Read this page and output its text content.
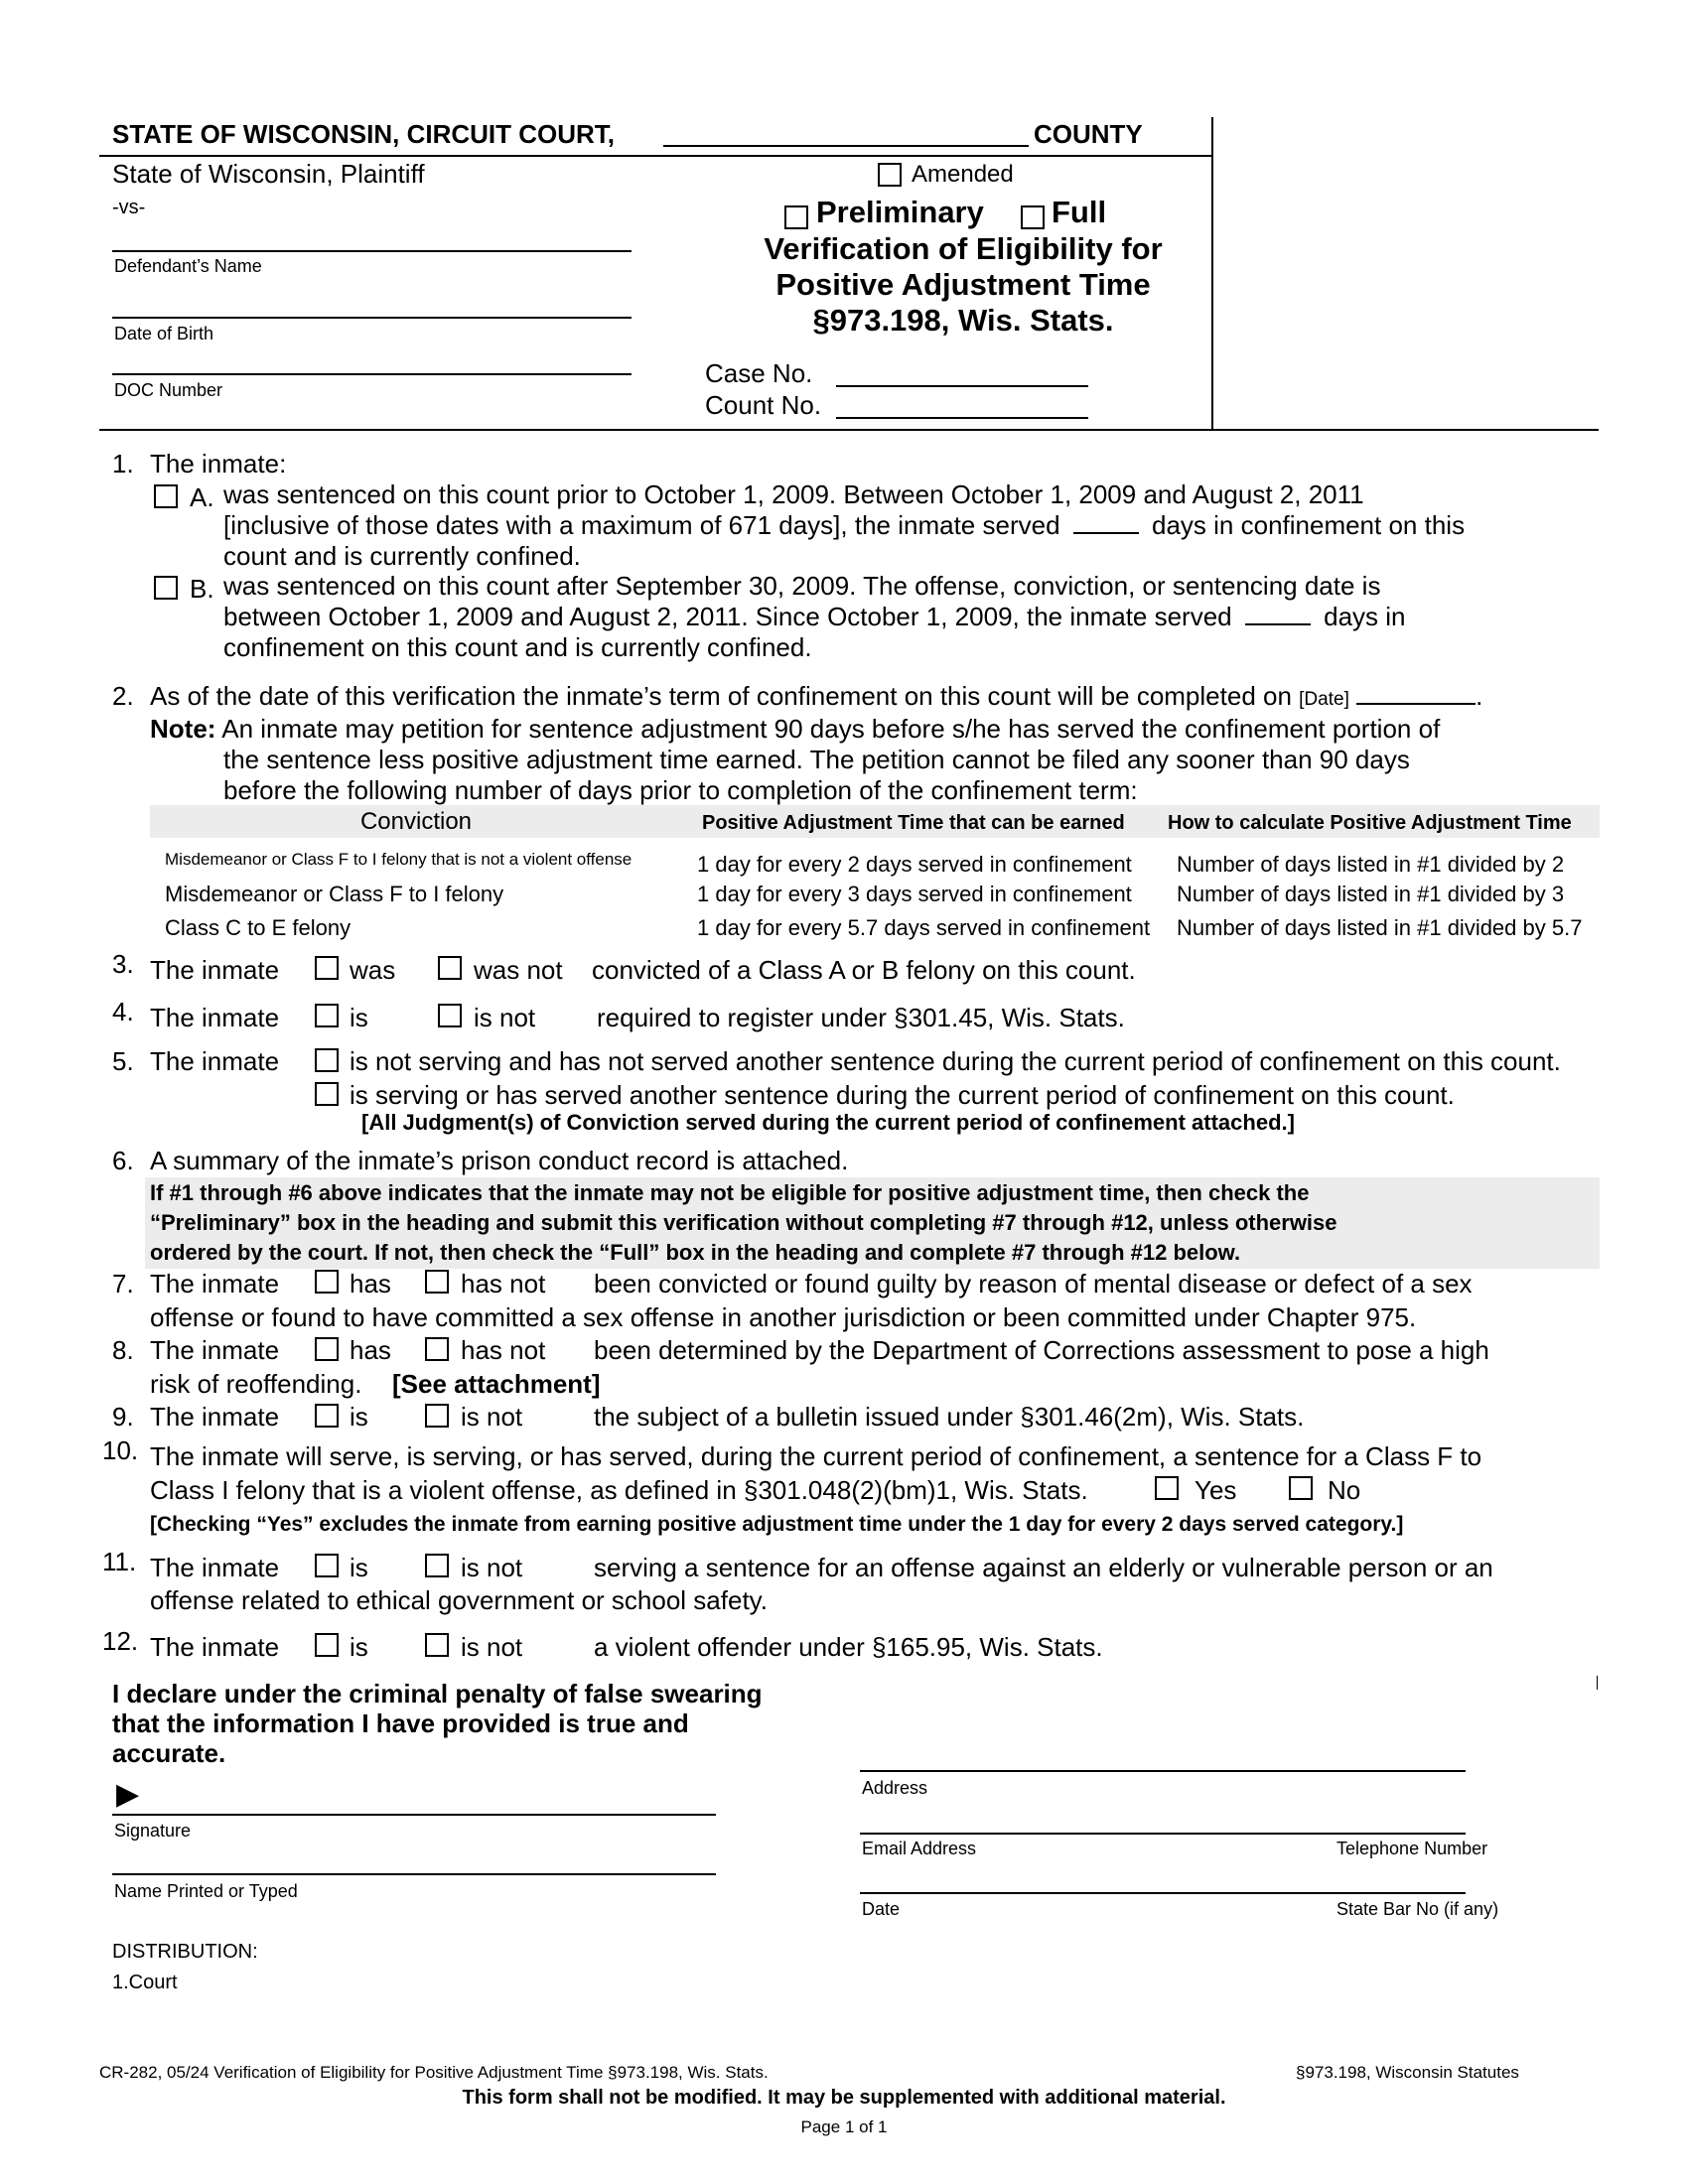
STATE OF WISCONSIN, CIRCUIT COURT,	COUNTY
State of Wisconsin, Plaintiff
-vs-
Defendant’s Name
Date of Birth
DOC Number
Amended
Preliminary Full
Verification of Eligibility for
Positive Adjustment Time
§973.198, Wis. Stats.
Case No.
Count No.
1. The inmate:
A. was sentenced on this count prior to October 1, 2009. Between October 1, 2009 and August 2, 2011
[inclusive of those dates with a maximum of 671 days], the inmate served	days in confinement on this
count and is currently confined.
B. was sentenced on this count after September 30, 2009. The offense, conviction, or sentencing date is
between October 1, 2009 and August 2, 2011. Since October 1, 2009, the inmate served	days in
confinement on this count and is currently confined.
2. As of the date of this verification the inmate’s term of confinement on this count will be completed on [Date]	.
Note: An inmate may petition for sentence adjustment 90 days before s/he has served the confinement portion of
the sentence less positive adjustment time earned. The petition cannot be filed any sooner than 90 days
before the following number of days prior to completion of the confinement term:
Conviction	Positive Adjustment Time that can be earned How to calculate Positive Adjustment Time
Misdemeanor or Class F to I felony that is not a violent offense	1 day for every 2 days served in confinement Number of days listed in #1 divided by 2
Misdemeanor or Class F to I felony	1 day for every 3 days served in confinement Number of days listed in #1 divided by 3
Class C to E felony	1 day for every 5.7 days served in confinement Number of days listed in #1 divided by 5.7
3. The inmate	was	was not convicted of a Class A or B felony on this count.
4. The inmate	is	is not required to register under §301.45, Wis. Stats.
5. The inmate	is not serving and has not served another sentence during the current period of confinement on this count.
is serving or has served another sentence during the current period of confinement on this count.
[All Judgment(s) of Conviction served during the current period of confinement attached.]
6. A summary of the inmate’s prison conduct record is attached.
If #1 through #6 above indicates that the inmate may not be eligible for positive adjustment time, then check the
“Preliminary” box in the heading and submit this verification without completing #7 through #12, unless otherwise
ordered by the court. If not, then check the “Full” box in the heading and complete #7 through #12 below.
7. The inmate	has	has not been convicted or found guilty by reason of mental disease or defect of a sex
offense or found to have committed a sex offense in another jurisdiction or been committed under Chapter 975.
8. The inmate	has	has not been determined by the Department of Corrections assessment to pose a high
risk of reoffending. [See attachment]
9. The inmate	is	is not	the subject of a bulletin issued under §301.46(2m), Wis. Stats.
10. The inmate will serve, is serving, or has served, during the current period of confinement, a sentence for a Class F to
Class I felony that is a violent offense, as defined in §301.048(2)(bm)1, Wis. Stats.	Yes	No
[Checking “Yes” excludes the inmate from earning positive adjustment time under the 1 day for every 2 days served category.]
11. The inmate	is	is not	serving a sentence for an offense against an elderly or vulnerable person or an
offense related to ethical government or school safety.
12. The inmate	is	is not	a violent offender under §165.95, Wis. Stats.
I declare under the criminal penalty of false swearing
that the information I have provided is true and
accurate.
▶
Signature
Name Printed or Typed
Address
Email Address	Telephone Number
Date	State Bar No (if any)
DISTRIBUTION:
1.Court
CR-282, 05/24 Verification of Eligibility for Positive Adjustment Time §973.198, Wis. Stats.	§973.198, Wisconsin Statutes
This form shall not be modified. It may be supplemented with additional material.
Page 1 of 1
